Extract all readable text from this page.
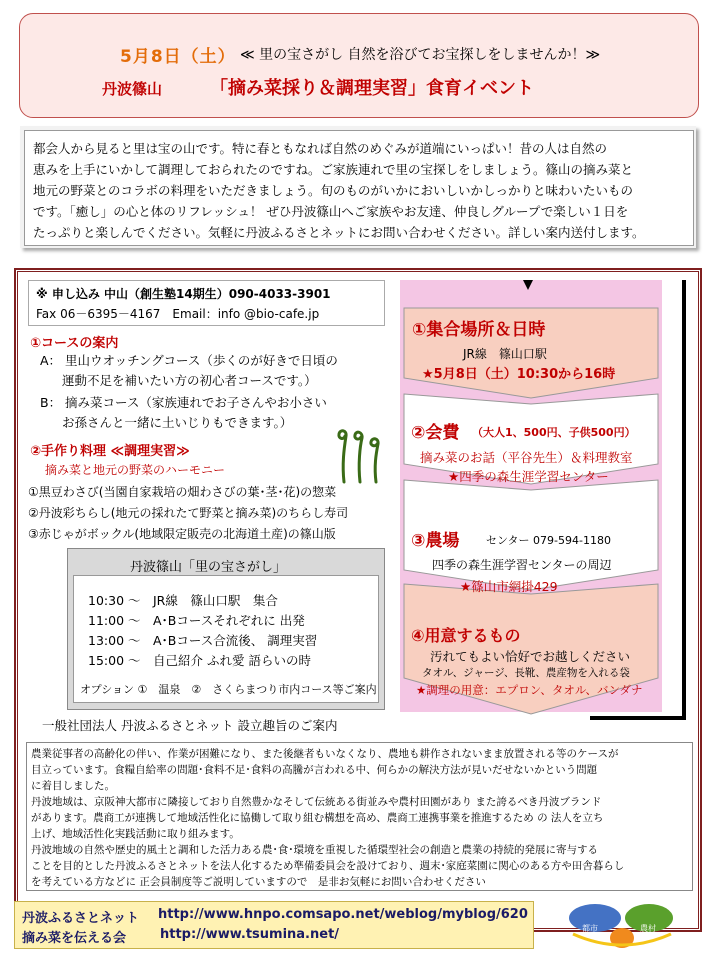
5月8日（土） ≪ 里の宝さがし 自然を浴びてお宝探しをしませんか！≫
丹波篠山	「摘み菜採り＆調理実習」食育イベント
都会人から見ると里は宝の山です。特に春ともなれば自然のめぐみが道端にいっぱい！昔の人は自然の
恵みを上手にいかして調理しておられたのですね。ご家族連れで里の宝探しをしましょう。篠山の摘み菜と
地元の野菜とのコラボの料理をいただきましょう。旬のものがいかにおいしいかしっかりと味わいたいもの
です。「癒し」の心と体のリフレッシュ！ ぜひ丹波篠山へご家族やお友達、仲良しグループで楽しい１日を
たっぷりと楽しんでください。気軽に丹波ふるさとネットにお問い合わせください。詳しい案内送付します。
※ 申し込み 中山（創生塾14期生）090-4033-3901
Fax 06－6395－4167　Email：info @bio-cafe.jp
①コースの案内
A： 里山ウオッチングコース（歩くのが好きで日頃の
運動不足を補いたい方の初心者コースです。）
B： 摘み菜コース（家族連れでお子さんやお小さい
お孫さんと一緒に土いじりもできます。）
②手作り料理 ≪調理実習≫
摘み菜と地元の野菜のハーモニー
①黒豆わさび(当園自家栽培の畑わさびの葉･茎･花)の惣菜
②丹波彩ちらし(地元の採れたて野菜と摘み菜)のちらし寿司
③赤じゃがボックル(地域限定販売の北海道土産)の篠山版
丹波篠山「里の宝さがし」
10:30 ～　JR線　篠山口駅　集合
11:00 ～　A･Bコースそれぞれに 出発
13:00 ～　A･Bコース合流後、 調理実習
15:00 ～　自己紹介 ふれ愛 語らいの時
オプション ①　温泉　②　さくらまつり市内コース等ご案内
一般社団法人 丹波ふるさとネット 設立趣旨のご案内
①集合場所＆日時
JR線　篠山口駅
★5月8日（土）10:30から16時
②会費 （大人1、500円、子供500円）
摘み菜のお話（平谷先生）＆料理教室
★四季の森生涯学習センター
③農場 センター 079-594-1180
四季の森生涯学習センターの周辺
★篠山市網掛429
④用意するもの
汚れてもよい恰好でお越しください
タオル、ジャージ、長靴、農産物を入れる袋
★調理の用意：エプロン、タオル、バンダナ
農業従事者の高齢化の伴い、作業が困難になり、また後継者もいなくなり、農地も耕作されないまま放置される等のケースが
目立っています。食糧自給率の問題･食料不足･食料の高騰が言われる中、何らかの解決方法が見いだせないかという問題
に着目しました。
丹波地域は、京阪神大都市に隣接しており自然豊かなそして伝統ある街並みや農村田園があり また誇るべき丹波ブランド
があります。農商工が連携して地域活性化に協働して取り組む構想を高め、農商工連携事業を推進するため の 法人を立ち
上げ、地域活性化実践活動に取り組みます。
丹波地域の自然や歴史的風土と調和した活力ある農･食･環境を重視した循環型社会の創造と農業の持続的発展に寄与する
ことを目的とした丹波ふるさとネットを法人化するため準備委員会を設けており、週末･家庭菜園に関心のある方や田舎暮らし
を考えている方などに 正会員制度等ご説明していますので　是非お気軽にお問い合わせください
丹波ふるさとネット http://www.hnpo.comsapo.net/weblog/myblog/620
摘み菜を伝える会	http://www.tsumina.net/	都市	農村
